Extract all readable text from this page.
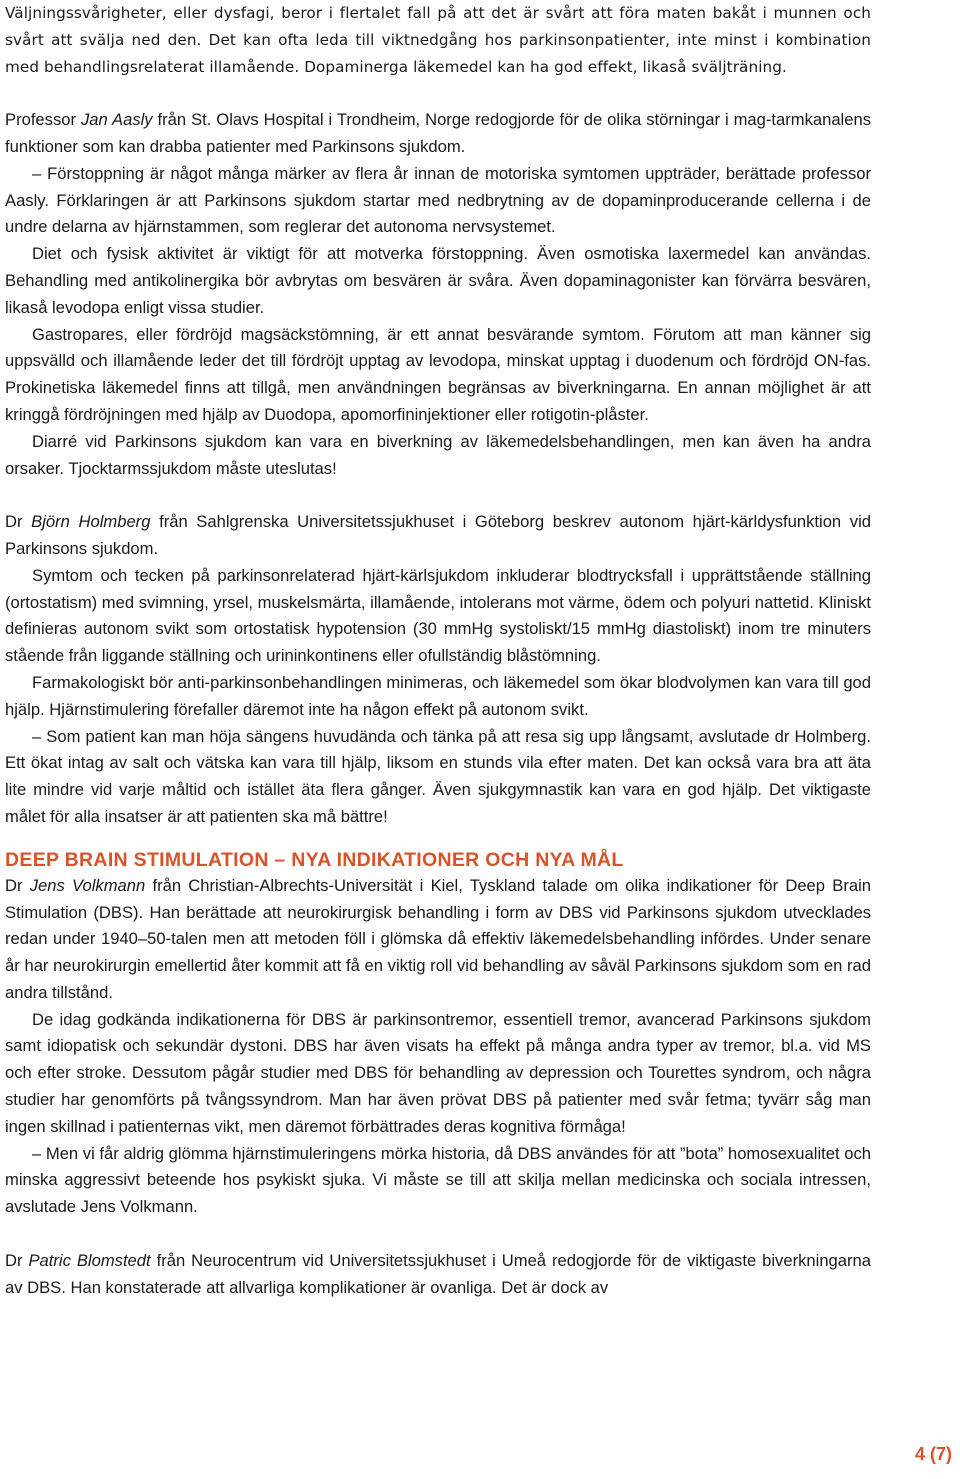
Väljningssvårigheter, eller dysfagi, beror i flertalet fall på att det är svårt att föra maten bakåt i munnen och svårt att svälja ned den. Det kan ofta leda till viktnedgång hos parkinsonpatienter, inte minst i kombination med behandlingsrelaterat illamående. Dopaminerga läkemedel kan ha god effekt, likaså sväljträning.

Professor Jan Aasly från St. Olavs Hospital i Trondheim, Norge redogjorde för de olika störningar i mag-tarmkanalens funktioner som kan drabba patienter med Parkinsons sjukdom.

– Förstoppning är något många märker av flera år innan de motoriska symtomen uppträder, berättade professor Aasly. Förklaringen är att Parkinsons sjukdom startar med nedbrytning av de dopaminproducerande cellerna i de undre delarna av hjärnstammen, som reglerar det autonoma nervsystemet.

Diet och fysisk aktivitet är viktigt för att motverka förstoppning. Även osmotiska laxermedel kan användas. Behandling med antikolinergika bör avbrytas om besvären är svåra. Även dopaminagonister kan förvärra besvären, likaså levodopa enligt vissa studier.

Gastropares, eller fördröjd magsäckstömning, är ett annat besvärande symtom. Förutom att man känner sig uppsvälld och illamående leder det till fördröjt upptag av levodopa, minskat upptag i duodenum och fördröjd ON-fas. Prokinetiska läkemedel finns att tillgå, men användningen begränsas av biverkningarna. En annan möjlighet är att kringgå fördröjningen med hjälp av Duodopa, apomorfininjektioner eller rotigotin-plåster.

Diarré vid Parkinsons sjukdom kan vara en biverkning av läkemedelsbehandlingen, men kan även ha andra orsaker. Tjocktarmssjukdom måste uteslutas!

Dr Björn Holmberg från Sahlgrenska Universitetssjukhuset i Göteborg beskrev autonom hjärt-kärldysfunktion vid Parkinsons sjukdom.

Symtom och tecken på parkinsonrelaterad hjärt-kärlsjukdom inkluderar blodtrycksfall i upprättstående ställning (ortostatism) med svimning, yrsel, muskelsmärta, illamående, intolerans mot värme, ödem och polyuri nattetid. Kliniskt definieras autonom svikt som ortostatisk hypotension (30 mmHg systoliskt/15 mmHg diastoliskt) inom tre minuters stående från liggande ställning och urininkontinens eller ofullständig blåstömning.

Farmakologiskt bör anti-parkinsonbehandlingen minimeras, och läkemedel som ökar blodvolymen kan vara till god hjälp. Hjärnstimulering förefaller däremot inte ha någon effekt på autonom svikt.

– Som patient kan man höja sängens huvudända och tänka på att resa sig upp långsamt, avslutade dr Holmberg. Ett ökat intag av salt och vätska kan vara till hjälp, liksom en stunds vila efter maten. Det kan också vara bra att äta lite mindre vid varje måltid och istället äta flera gånger. Även sjukgymnastik kan vara en god hjälp. Det viktigaste målet för alla insatser är att patienten ska må bättre!

DEEP BRAIN STIMULATION – NYA INDIKATIONER OCH NYA MÅL

Dr Jens Volkmann från Christian-Albrechts-Universität i Kiel, Tyskland talade om olika indikationer för Deep Brain Stimulation (DBS). Han berättade att neurokirurgisk behandling i form av DBS vid Parkinsons sjukdom utvecklades redan under 1940–50-talen men att metoden föll i glömska då effektiv läkemedelsbehandling infördes. Under senare år har neurokirurgin emellertid åter kommit att få en viktig roll vid behandling av såväl Parkinsons sjukdom som en rad andra tillstånd.

De idag godkända indikationerna för DBS är parkinsontremor, essentiell tremor, avancerad Parkinsons sjukdom samt idiopatisk och sekundär dystoni. DBS har även visats ha effekt på många andra typer av tremor, bl.a. vid MS och efter stroke. Dessutom pågår studier med DBS för behandling av depression och Tourettes syndrom, och några studier har genomförts på tvångssyndrom. Man har även prövat DBS på patienter med svår fetma; tyvärr såg man ingen skillnad i patienternas vikt, men däremot förbättrades deras kognitiva förmåga!

– Men vi får aldrig glömma hjärnstimuleringens mörka historia, då DBS användes för att ”bota” homosexualitet och minska aggressivt beteende hos psykiskt sjuka. Vi måste se till att skilja mellan medicinska och sociala intressen, avslutade Jens Volkmann.

Dr Patric Blomstedt från Neurocentrum vid Universitetssjukhuset i Umeå redogjorde för de viktigaste biverkningarna av DBS. Han konstaterade att allvarliga komplikationer är ovanliga. Det är dock av

4 (7)
